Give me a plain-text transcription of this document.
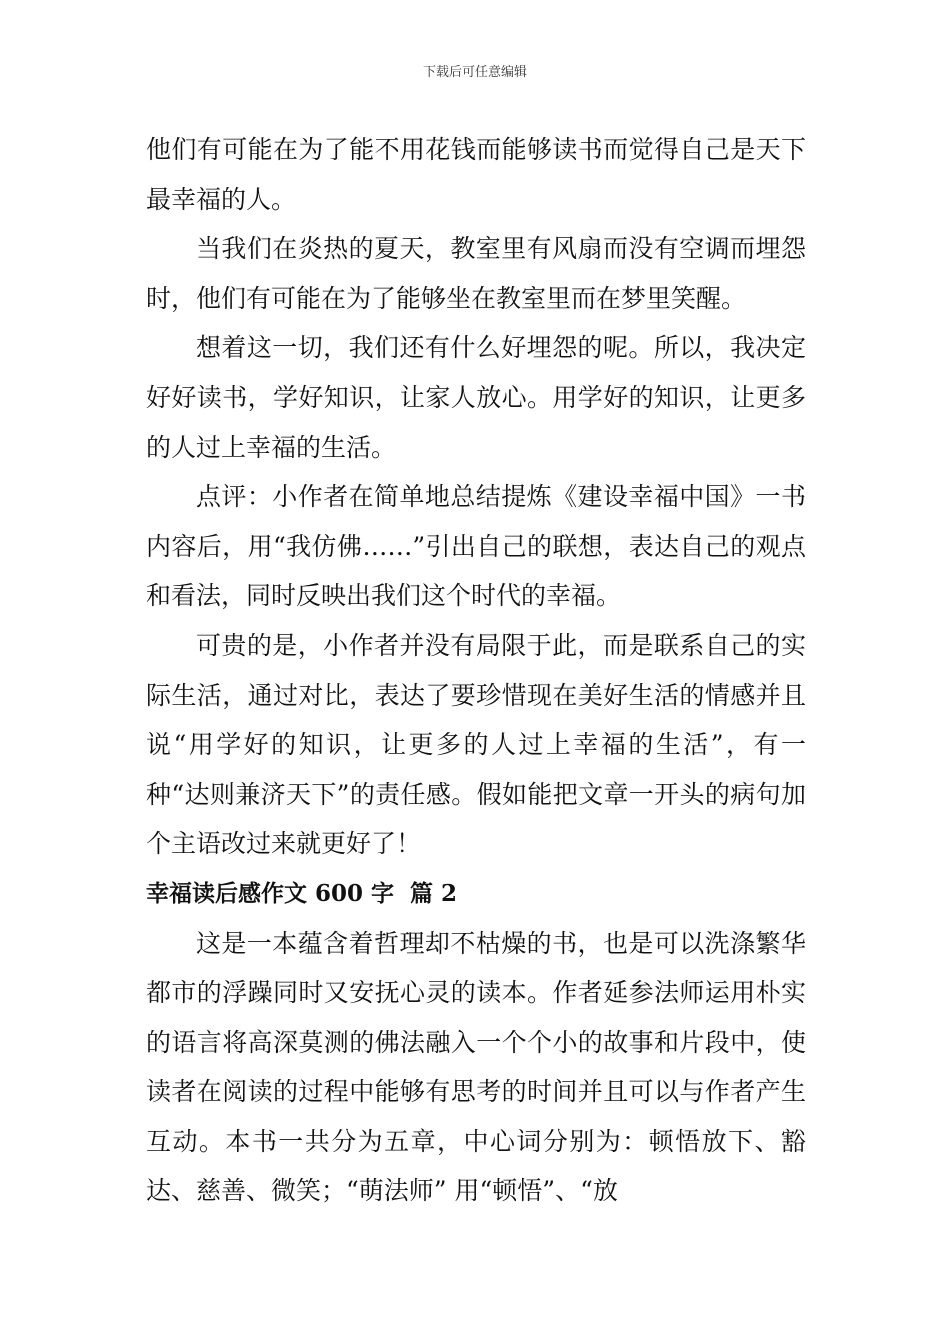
下载后可任意编辑

他们有可能在为了能不用花钱而能够读书而觉得自己是天下最幸福的人。

当我们在炎热的夏天，教室里有风扇而没有空调而埋怨时，他们有可能在为了能够坐在教室里而在梦里笑醒。

想着这一切，我们还有什么好埋怨的呢。所以，我决定好好读书，学好知识，让家人放心。用学好的知识，让更多的人过上幸福的生活。

点评：小作者在简单地总结提炼《建设幸福中国》一书内容后，用“我仿佛……”引出自己的联想，表达自己的观点和看法，同时反映出我们这个时代的幸福。

可贵的是，小作者并没有局限于此，而是联系自己的实际生活，通过对比，表达了要珍惜现在美好生活的情感并且说“用学好的知识，让更多的人过上幸福的生活”，有一种“达则兼济天下”的责任感。假如能把文章一开头的病句加个主语改过来就更好了！

幸福读后感作文 600 字  篇 2

这是一本蕴含着哲理却不枯燥的书，也是可以洗涤繁华都市的浮躁同时又安抚心灵的读本。作者延参法师运用朴实的语言将高深莫测的佛法融入一个个小的故事和片段中，使读者在阅读的过程中能够有思考的时间并且可以与作者产生互动。本书一共分为五章，中心词分别为：顿悟放下、豁达、慈善、微笑；“萌法师” 用“顿悟”、“放
